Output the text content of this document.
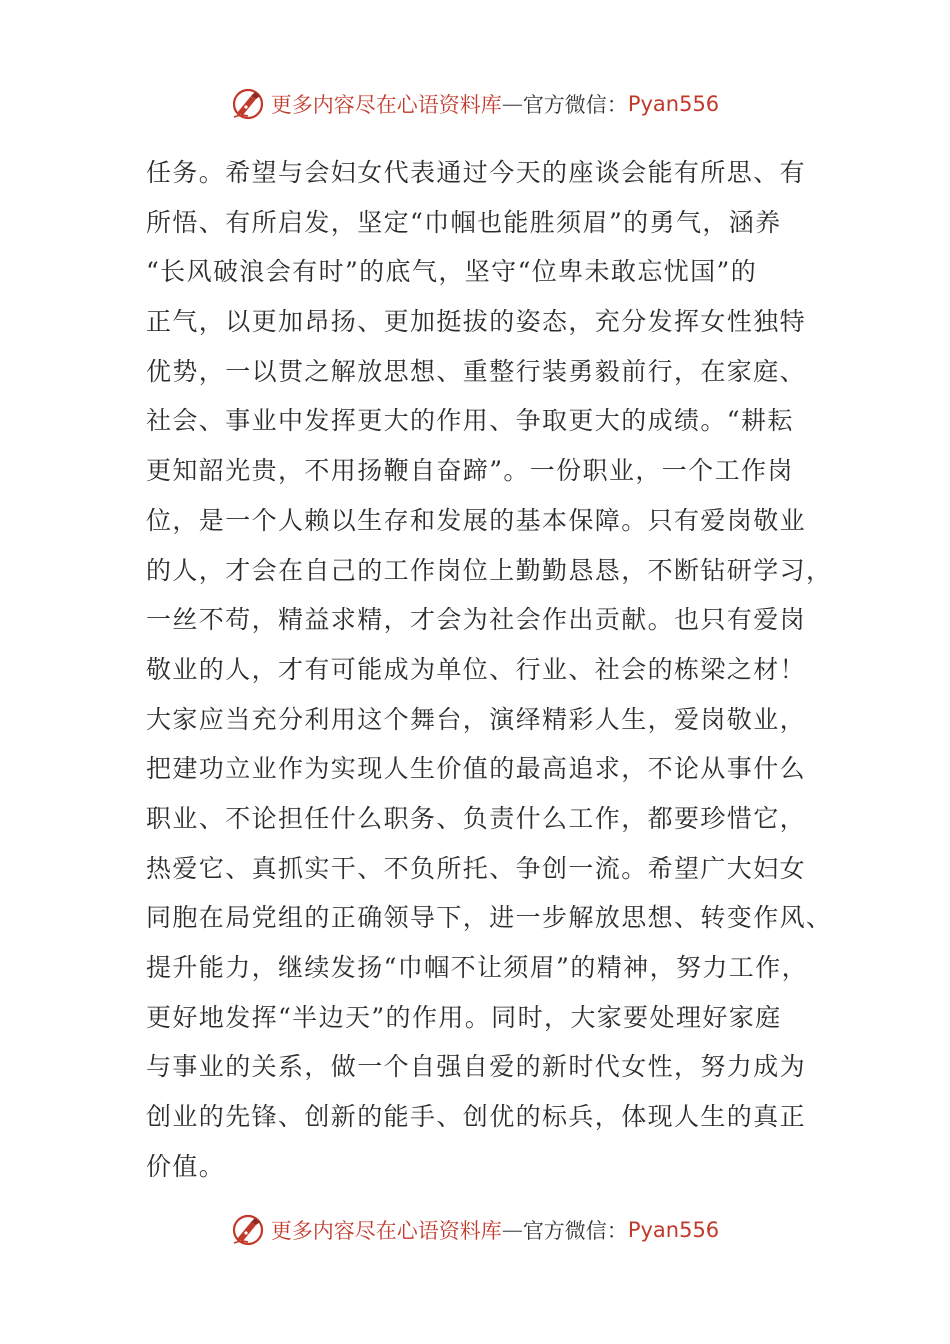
更多内容尽在心语资料库 — 官方微信： Pyan556
任务。希望与会妇女代表通过今天的座谈会能有所思、有
所悟、有所启发，坚定“巾帼也能胜须眉”的勇气，涵养
“长风破浪会有时”的底气，坚守“位卑未敢忘忧国”的
正气，以更加昂扬、更加挺拔的姿态，充分发挥女性独特
优势，一以贯之解放思想、重整行装勇毅前行，在家庭、
社会、事业中发挥更大的作用、争取更大的成绩。“耕耘
更知韶光贵，不用扬鞭自奋蹄”。一份职业，一个工作岗
位，是一个人赖以生存和发展的基本保障。只有爱岗敬业
的人，才会在自己的工作岗位上勤勤恳恳，不断钻研学习，
一丝不苟，精益求精，才会为社会作出贡献。也只有爱岗
敬业的人，才有可能成为单位、行业、社会的栋梁之材！
大家应当充分利用这个舞台，演绎精彩人生，爱岗敬业，
把建功立业作为实现人生价值的最高追求，不论从事什么
职业、不论担任什么职务、负责什么工作，都要珍惜它，
热爱它、真抓实干、不负所托、争创一流。希望广大妇女
同胞在局党组的正确领导下，进一步解放思想、转变作风、
提升能力，继续发扬“巾帼不让须眉”的精神，努力工作，
更好地发挥“半边天”的作用。同时，大家要处理好家庭
与事业的关系，做一个自强自爱的新时代女性，努力成为
创业的先锋、创新的能手、创优的标兵，体现人生的真正
价值。
更多内容尽在心语资料库 — 官方微信： Pyan556
